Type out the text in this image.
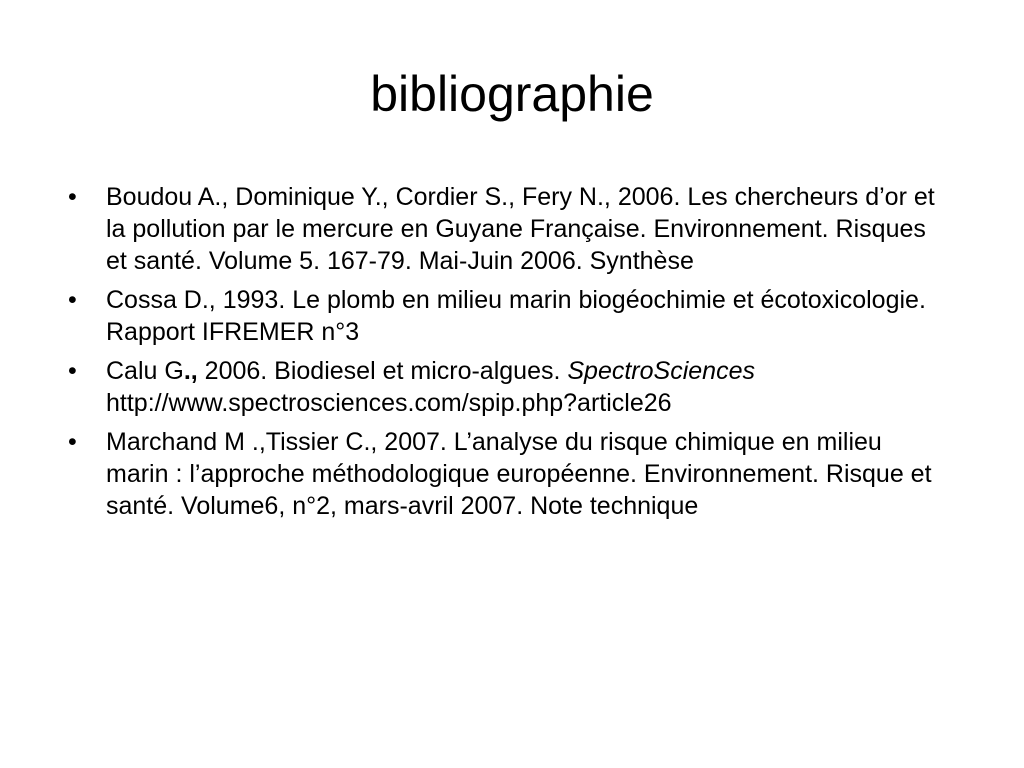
bibliographie
•	Boudou A., Dominique Y., Cordier S., Fery N., 2006. Les chercheurs d’or et la pollution par le mercure en Guyane Française. Environnement. Risques et santé. Volume 5. 167-79. Mai-Juin 2006. Synthèse
•	Cossa D., 1993. Le plomb en milieu marin biogéochimie et écotoxicologie. Rapport IFREMER n°3
•	Calu G., 2006. Biodiesel et micro-algues. SpectroSciences
http://www.spectrosciences.com/spip.php?article26
•	Marchand M .,Tissier C., 2007. L’analyse du risque chimique en milieu marin : l’approche méthodologique européenne. Environnement. Risque et santé. Volume6, n°2, mars-avril 2007. Note technique
